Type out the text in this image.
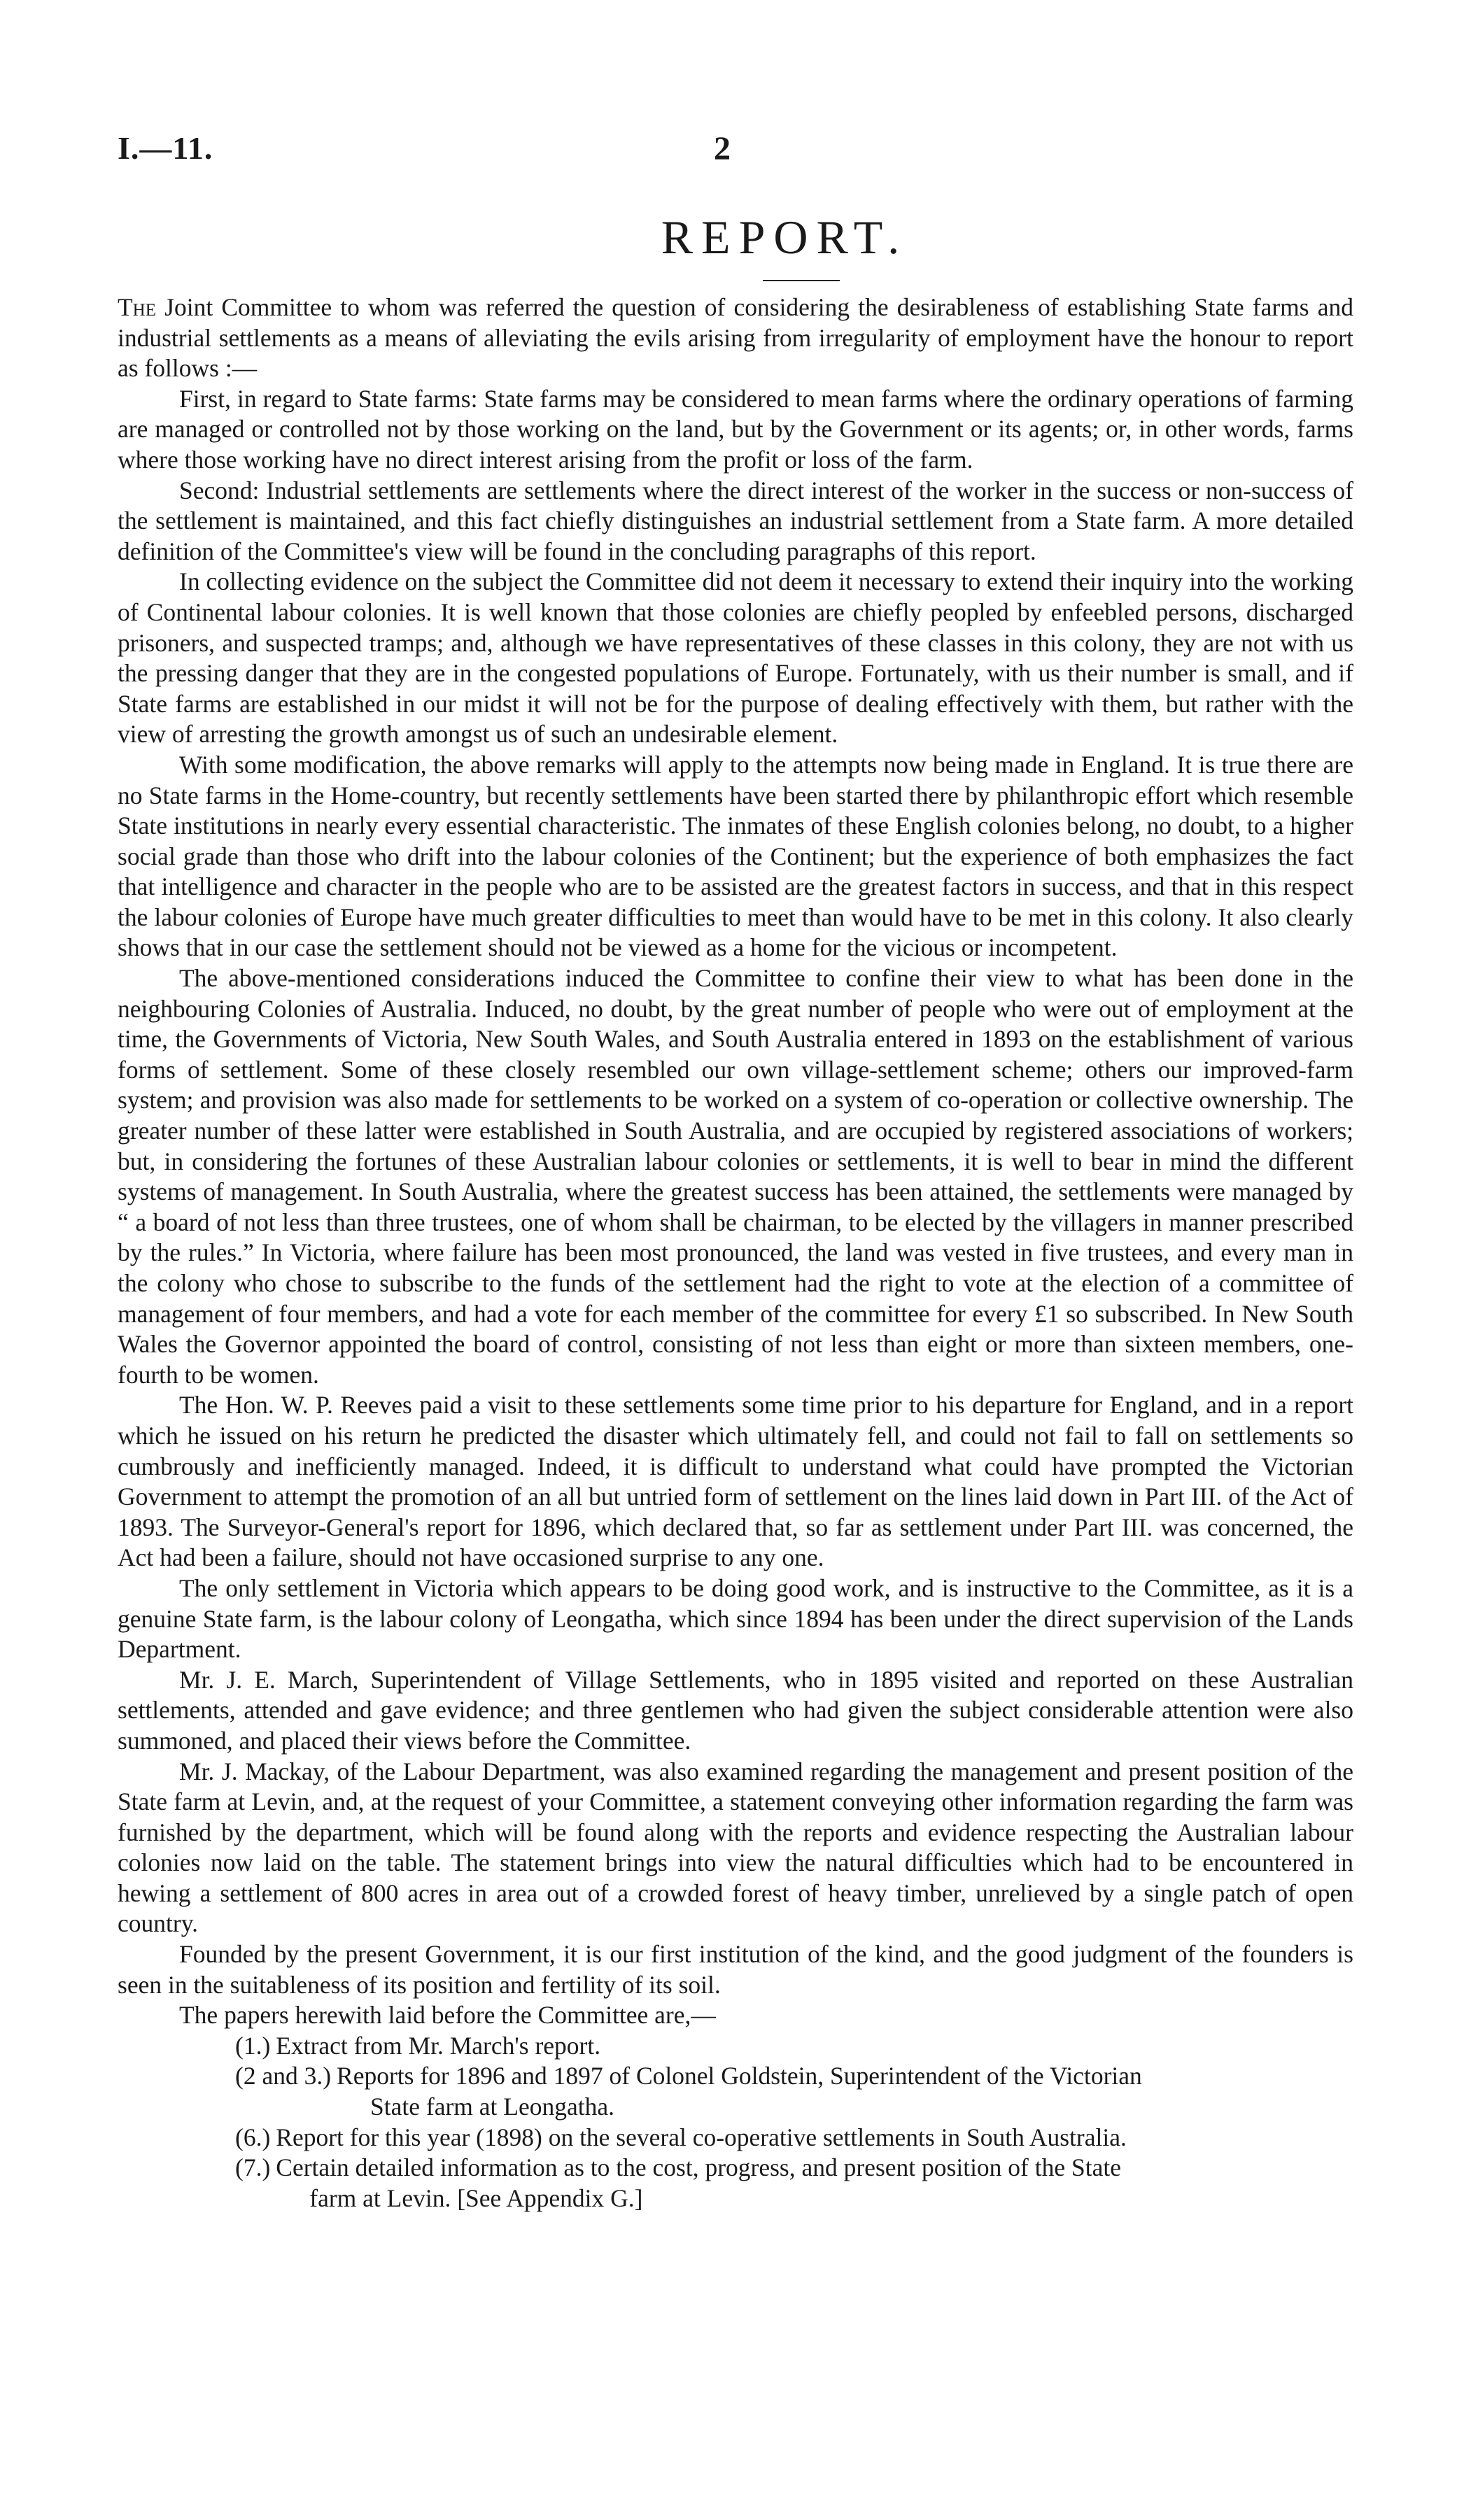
I.—11.	2
REPORT.

The Joint Committee to whom was referred the question of considering the desirableness of establishing State farms and industrial settlements as a means of alleviating the evils arising from irregularity of employment have the honour to report as follows :—

First, in regard to State farms: State farms may be considered to mean farms where the ordinary operations of farming are managed or controlled not by those working on the land, but by the Government or its agents; or, in other words, farms where those working have no direct interest arising from the profit or loss of the farm.

Second: Industrial settlements are settlements where the direct interest of the worker in the success or non-success of the settlement is maintained, and this fact chiefly distinguishes an industrial settlement from a State farm. A more detailed definition of the Committee's view will be found in the concluding paragraphs of this report.

In collecting evidence on the subject the Committee did not deem it necessary to extend their inquiry into the working of Continental labour colonies. It is well known that those colonies are chiefly peopled by enfeebled persons, discharged prisoners, and suspected tramps; and, although we have representatives of these classes in this colony, they are not with us the pressing danger that they are in the congested populations of Europe. Fortunately, with us their number is small, and if State farms are established in our midst it will not be for the purpose of dealing effectively with them, but rather with the view of arresting the growth amongst us of such an undesirable element.

With some modification, the above remarks will apply to the attempts now being made in England. It is true there are no State farms in the Home-country, but recently settlements have been started there by philanthropic effort which resemble State institutions in nearly every essential characteristic. The inmates of these English colonies belong, no doubt, to a higher social grade than those who drift into the labour colonies of the Continent; but the experience of both emphasizes the fact that intelligence and character in the people who are to be assisted are the greatest factors in success, and that in this respect the labour colonies of Europe have much greater difficulties to meet than would have to be met in this colony. It also clearly shows that in our case the settlement should not be viewed as a home for the vicious or incompetent.

The above-mentioned considerations induced the Committee to confine their view to what has been done in the neighbouring Colonies of Australia. Induced, no doubt, by the great number of people who were out of employment at the time, the Governments of Victoria, New South Wales, and South Australia entered in 1893 on the establishment of various forms of settlement. Some of these closely resembled our own village-settlement scheme; others our improved-farm system; and provision was also made for settlements to be worked on a system of co-operation or collective ownership. The greater number of these latter were established in South Australia, and are occupied by registered associations of workers; but, in considering the fortunes of these Australian labour colonies or settlements, it is well to bear in mind the different systems of management. In South Australia, where the greatest success has been attained, the settlements were managed by “ a board of not less than three trustees, one of whom shall be chairman, to be elected by the villagers in manner prescribed by the rules.” In Victoria, where failure has been most pronounced, the land was vested in five trustees, and every man in the colony who chose to subscribe to the funds of the settlement had the right to vote at the election of a committee of management of four members, and had a vote for each member of the committee for every £1 so subscribed. In New South Wales the Governor appointed the board of control, consisting of not less than eight or more than sixteen members, one-fourth to be women.

The Hon. W. P. Reeves paid a visit to these settlements some time prior to his departure for England, and in a report which he issued on his return he predicted the disaster which ultimately fell, and could not fail to fall on settlements so cumbrously and inefficiently managed. Indeed, it is difficult to understand what could have prompted the Victorian Government to attempt the promotion of an all but untried form of settlement on the lines laid down in Part III. of the Act of 1893. The Surveyor-General's report for 1896, which declared that, so far as settlement under Part III. was concerned, the Act had been a failure, should not have occasioned surprise to any one.

The only settlement in Victoria which appears to be doing good work, and is instructive to the Committee, as it is a genuine State farm, is the labour colony of Leongatha, which since 1894 has been under the direct supervision of the Lands Department.

Mr. J. E. March, Superintendent of Village Settlements, who in 1895 visited and reported on these Australian settlements, attended and gave evidence; and three gentlemen who had given the subject considerable attention were also summoned, and placed their views before the Committee.

Mr. J. Mackay, of the Labour Department, was also examined regarding the management and present position of the State farm at Levin, and, at the request of your Committee, a statement conveying other information regarding the farm was furnished by the department, which will be found along with the reports and evidence respecting the Australian labour colonies now laid on the table. The statement brings into view the natural difficulties which had to be encountered in hewing a settlement of 800 acres in area out of a crowded forest of heavy timber, unrelieved by a single patch of open country.

Founded by the present Government, it is our first institution of the kind, and the good judgment of the founders is seen in the suitableness of its position and fertility of its soil.

The papers herewith laid before the Committee are,—

(1.) Extract from Mr. March's report.
(2 and 3.) Reports for 1896 and 1897 of Colonel Goldstein, Superintendent of the Victorian
State farm at Leongatha.
(6.) Report for this year (1898) on the several co-operative settlements in South Australia.
(7.) Certain detailed information as to the cost, progress, and present position of the State
farm at Levin. [See Appendix G.]
